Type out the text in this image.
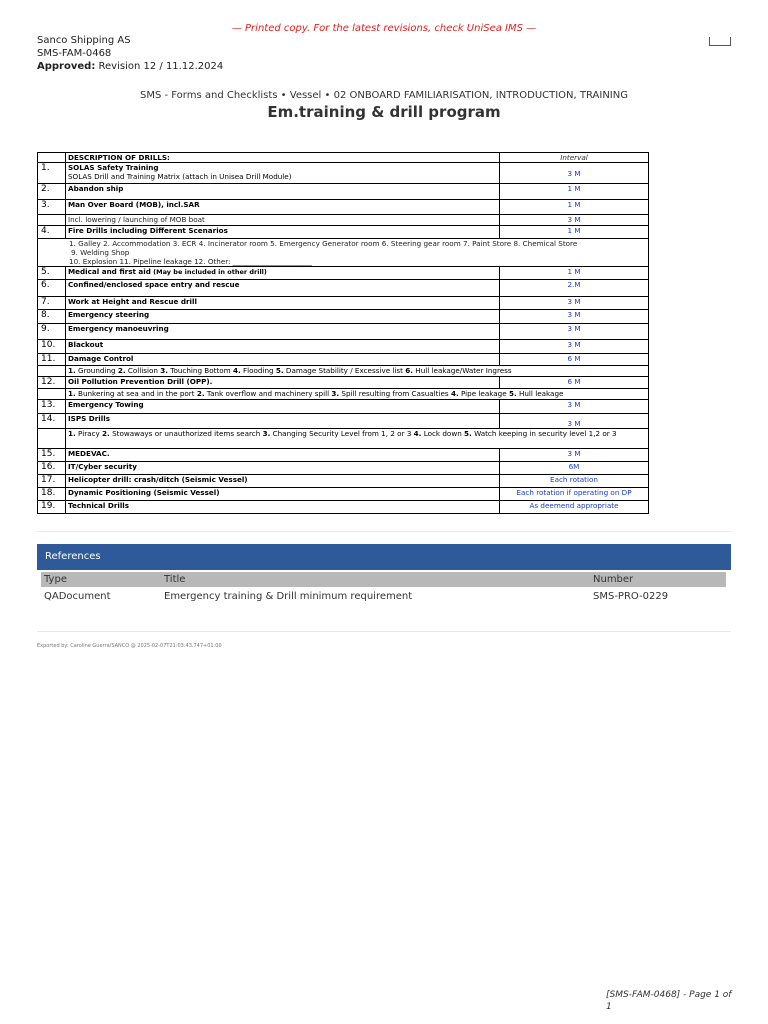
— Printed copy. For the latest revisions, check UniSea IMS —
Sanco Shipping AS
SMS-FAM-0468
Approved: Revision 12 / 11.12.2024
SMS - Forms and Checklists • Vessel • 02 ONBOARD FAMILIARISATION, INTRODUCTION, TRAINING
Em.training & drill program
	DESCRIPTION OF DRILLS:	Interval
1.	SOLAS Safety Training
SOLAS Drill and Training Matrix (attach in Unisea Drill Module)	3 M
2.	Abandon ship	1 M
3.	Man Over Board (MOB), incl.SAR	1 M
	Incl. lowering / launching of MOB boat	3 M
4.	Fire Drills including Different Scenarios	1 M

1. Galley 2. Accommodation 3. ECR 4. Incinerator room 5. Emergency Generator room 6. Steering gear room 7. Paint Store 8. Chemical Store
9. Welding Shop
10. Explosion 11. Pipeline leakage 12. Other: ______________________		

5.	Medical and first aid (May be included in other drill)	1 M
6.	Confined/enclosed space entry and rescue	2.M
7.	Work at Height and Rescue drill	3 M
8.	Emergency steering	3 M
9.	Emergency manoeuvring	3 M
10.	Blackout	3 M
11.	Damage Control	6 M
	1. Grounding 2. Collision 3. Touching Bottom 4. Flooding 5. Damage Stability / Excessive list 6. Hull leakage/Water Ingress	
12.	Oil Pollution Prevention Drill (OPP).	6 M
	1. Bunkering at sea and in the port 2. Tank overflow and machinery spill 3. Spill resulting from Casualties 4. Pipe leakage 5. Hull leakage	
13.	Emergency Towing	3 M
14.	ISPS Drills	3 M
	1. Piracy 2. Stowaways or unauthorized items search 3. Changing Security Level from 1, 2 or 3 4. Lock down 5. Watch keeping in security level 1,2 or 3	
15.	MEDEVAC.	3 M
16.	IT/Cyber security	6M
17.	Helicopter drill: crash/ditch (Seismic Vessel)	Each rotation
18.	Dynamic Positioning (Seismic Vessel)	Each rotation if operating on DP
19.	Technical Drills	As deemend appropriate
References
Type	Title	Number
QADocument	Emergency training & Drill minimum requirement	SMS-PRO-0229
Exported by: Caroline Guerra/SANCO @ 2025-02-07T21:03:43.747+01:00
[SMS-FAM-0468] - Page 1 of 1
